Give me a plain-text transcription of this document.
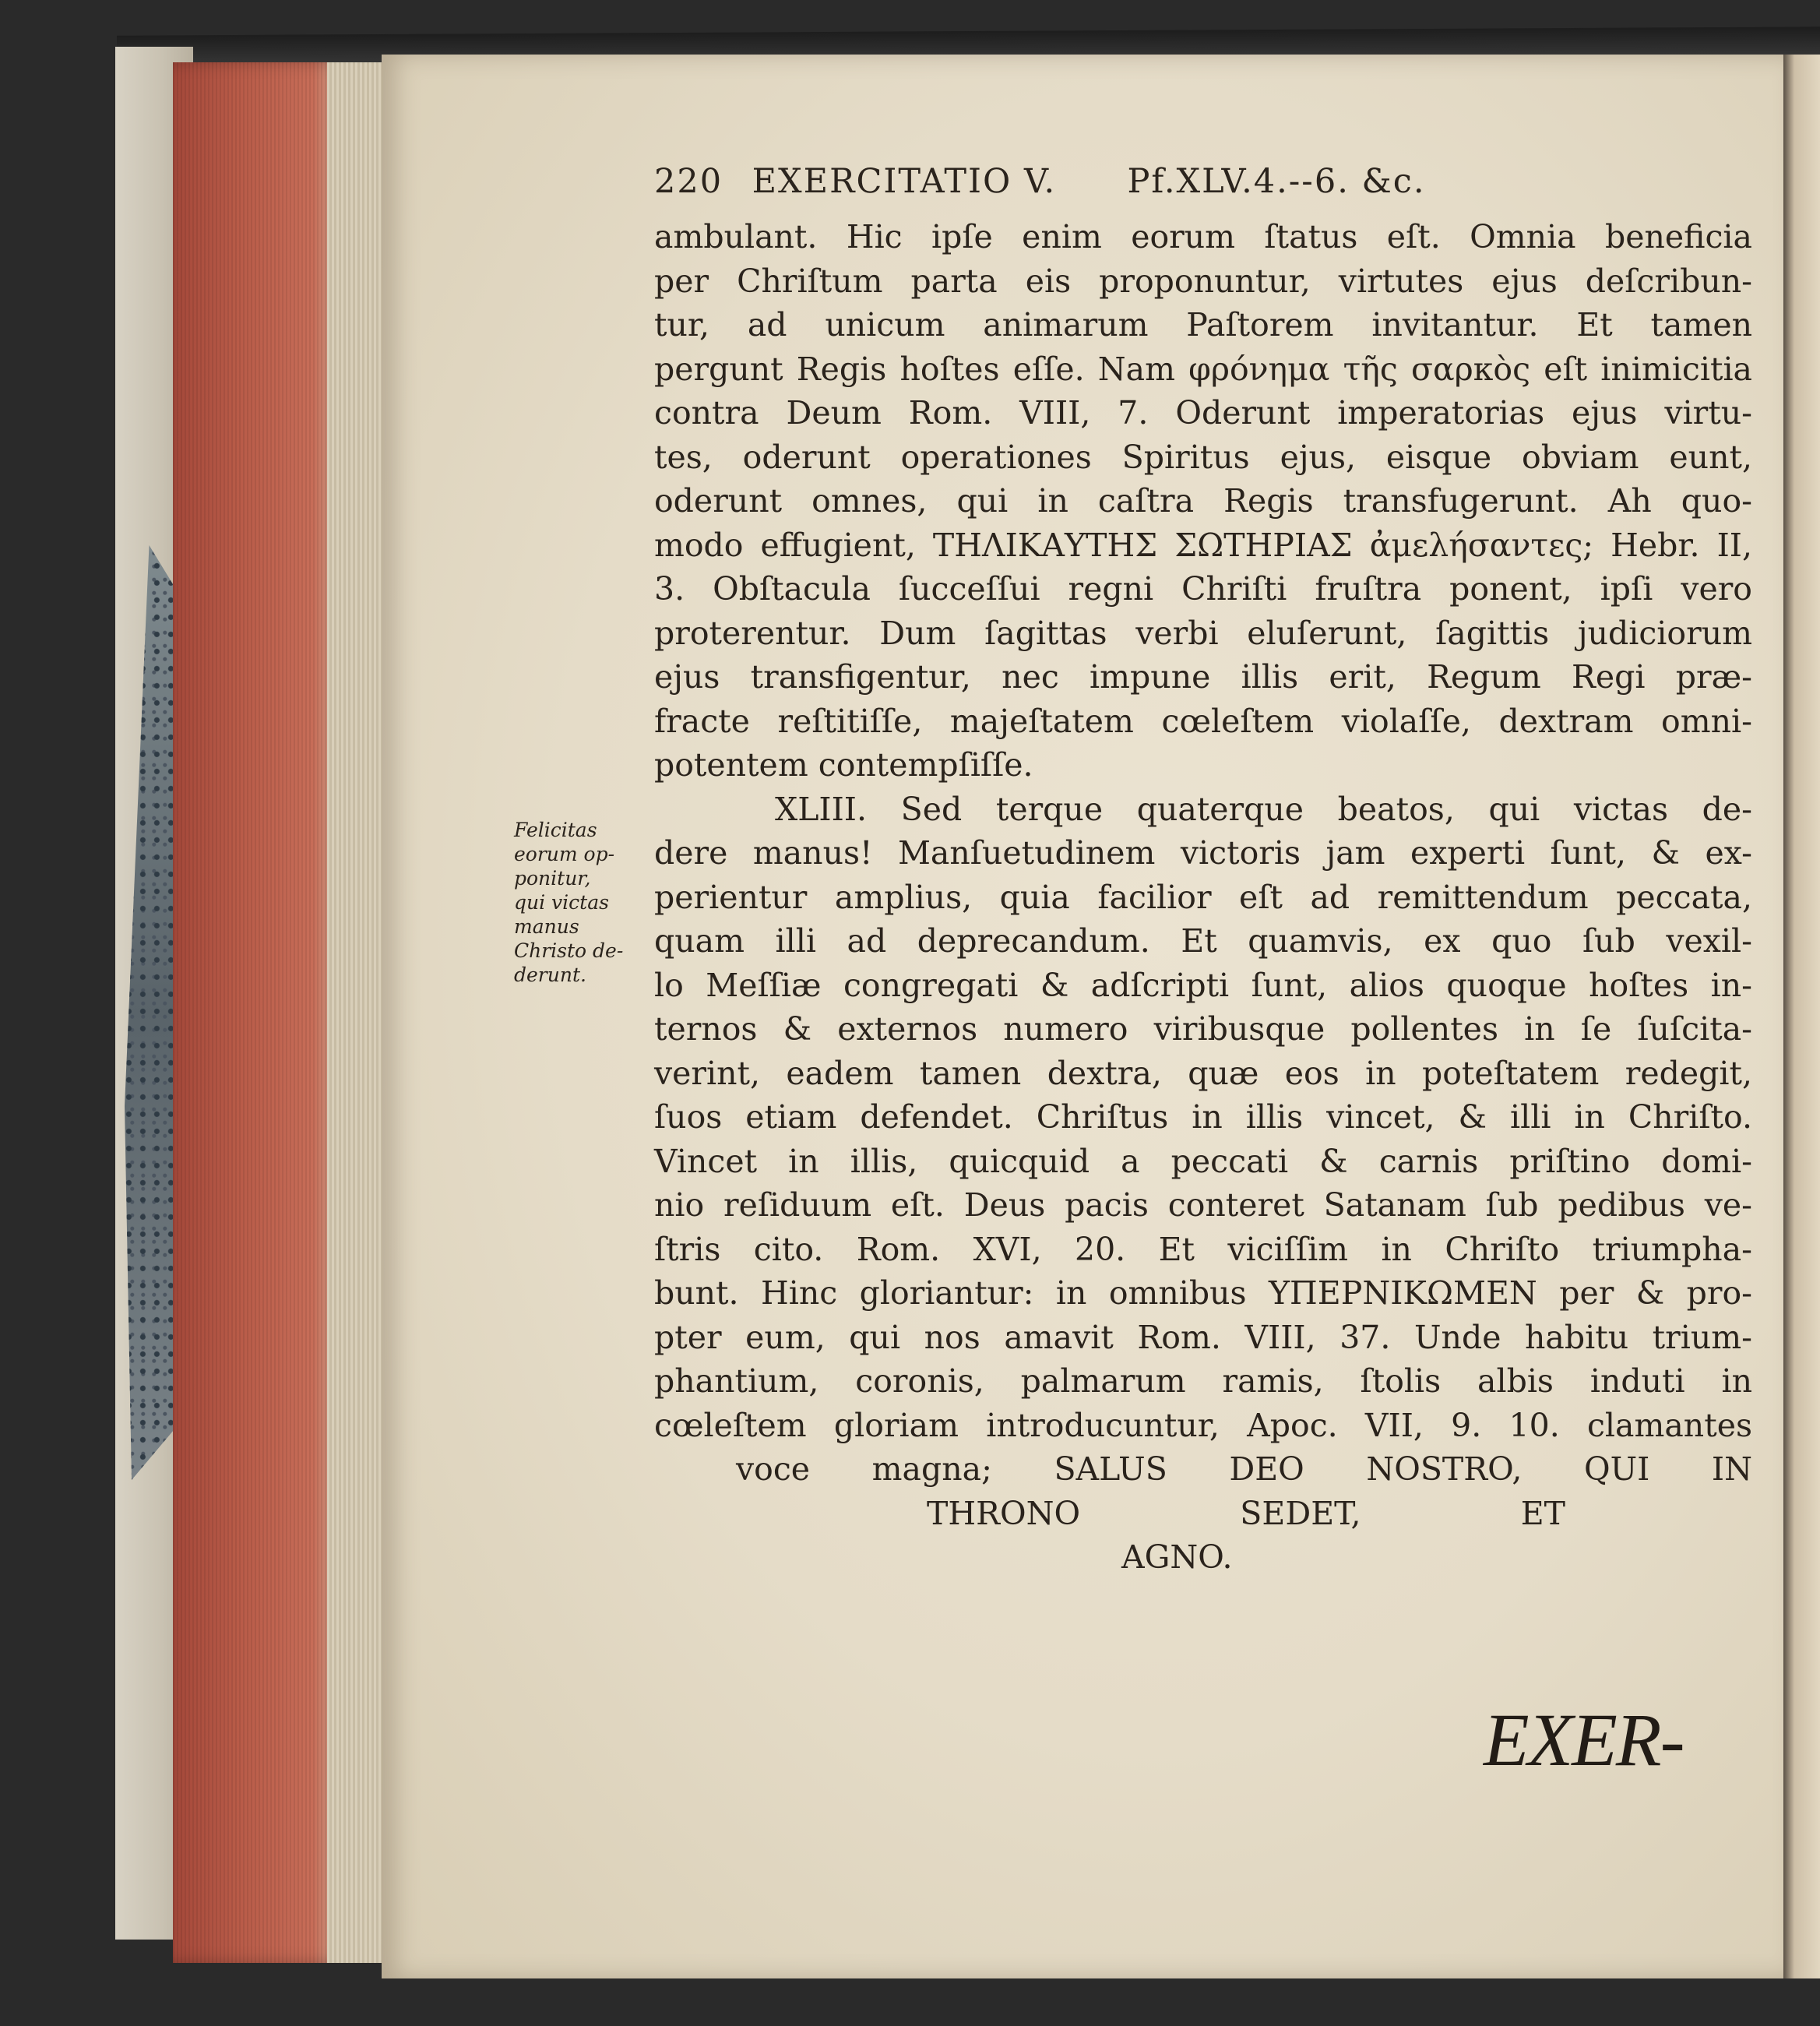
220 EXERCITATIO V. Pf.XLV.4.--6. &c.
Felicitas
eorum op-
ponitur,
qui victas
manus
Christo de-
derunt.
ambulant. Hic ipſe enim eorum ſtatus eſt. Omnia beneficia
per Chriſtum parta eis proponuntur, virtutes ejus deſcribun-
tur, ad unicum animarum Paſtorem invitantur. Et tamen
pergunt Regis hoſtes eſſe. Nam φρόνημα τῆς σαρκὸς eſt inimicitia
contra Deum Rom. VIII, 7. Oderunt imperatorias ejus virtu-
tes, oderunt operationes Spiritus ejus, eisque obviam eunt,
oderunt omnes, qui in caſtra Regis transfugerunt. Ah quo-
modo effugient, ΤΗΛΙΚΑΥΤΗΣ ΣΩΤΗΡΙΑΣ ἀμελήσαντες; Hebr. II,
3. Obſtacula ſucceſſui regni Chriſti fruſtra ponent, ipſi vero
proterentur. Dum ſagittas verbi eluſerunt, ſagittis judiciorum
ejus transfigentur, nec impune illis erit, Regum Regi præ-
fracte reſtitiſſe, majeſtatem cœleſtem violaſſe, dextram omni-
potentem contempſiſſe.
XLIII. Sed terque quaterque beatos, qui victas de-
dere manus! Manſuetudinem victoris jam experti ſunt, & ex-
perientur amplius, quia facilior eſt ad remittendum peccata,
quam illi ad deprecandum. Et quamvis, ex quo ſub vexil-
lo Meſſiæ congregati & adſcripti ſunt, alios quoque hoſtes in-
ternos & externos numero viribusque pollentes in ſe ſuſcita-
verint, eadem tamen dextra, quæ eos in poteſtatem redegit,
ſuos etiam defendet. Chriſtus in illis vincet, & illi in Chriſto.
Vincet in illis, quicquid a peccati & carnis priſtino domi-
nio reſiduum eſt. Deus pacis conteret Satanam ſub pedibus ve-
ſtris cito. Rom. XVI, 20. Et viciſſim in Chriſto triumpha-
bunt. Hinc gloriantur: in omnibus ΥΠΕΡΝΙΚΩΜΕΝ per & pro-
pter eum, qui nos amavit Rom. VIII, 37. Unde habitu trium-
phantium, coronis, palmarum ramis, ſtolis albis induti in
cœleſtem gloriam introducuntur, Apoc. VII, 9. 10. clamantes
voce magna; SALUS DEO NOSTRO, QUI IN
THRONO SEDET, ET
AGNO.
EXER-
